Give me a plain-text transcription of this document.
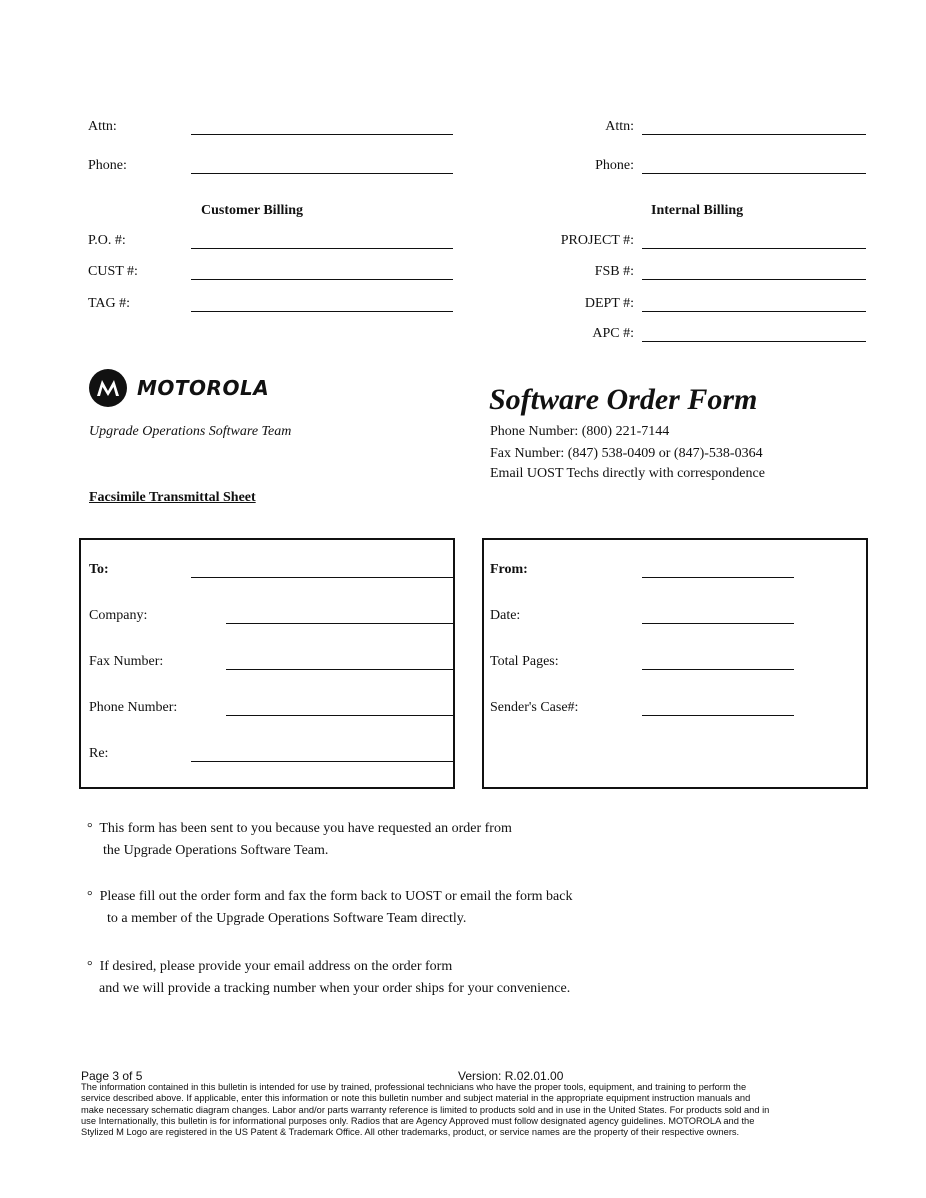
Attn:
Phone:
Attn:
Phone:
Customer Billing	Internal Billing
P.O. #:
CUST #:
TAG #:
PROJECT #:
FSB #:
DEPT #:
APC #:
MOTOROLA
Upgrade Operations Software Team
Software Order Form
Phone Number: (800) 221-7144
Fax Number: (847) 538-0409 or (847)-538-0364
Email UOST Techs directly with correspondence
Facsimile Transmittal Sheet
To:
Company:
Fax Number:
Phone Number:
Re:
From:
Date:
Total Pages:
Sender's Case#:
° This form has been sent to you because you have requested an order from
the Upgrade Operations Software Team.
° Please fill out the order form and fax the form back to UOST or email the form back
to a member of the Upgrade Operations Software Team directly.
° If desired, please provide your email address on the order form
and we will provide a tracking number when your order ships for your convenience.
Page 3 of 5	Version: R.02.01.00
The information contained in this bulletin is intended for use by trained, professional technicians who have the proper tools, equipment, and training to perform the
service described above. If applicable, enter this information or note this bulletin number and subject material in the appropriate equipment instruction manuals and
make necessary schematic diagram changes. Labor and/or parts warranty reference is limited to products sold and in use in the United States. For products sold and in
use Internationally, this bulletin is for informational purposes only. Radios that are Agency Approved must follow designated agency guidelines. MOTOROLA and the
Stylized M Logo are registered in the US Patent & Trademark Office. All other trademarks, product, or service names are the property of their respective owners.
